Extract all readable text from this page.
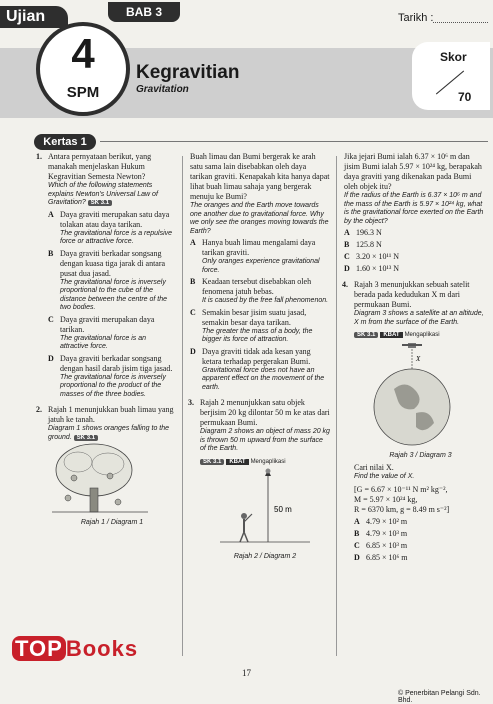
Ujian	BAB 3	Tarikh :
4
SPM
Kegravitian
Gravitation
Skor
70
Kertas 1
1. Antara pernyataan berikut, yang manakah menjelaskan Hukum Kegravitian Semesta Newton?
Which of the following statements explains Newton's Universal Law of Gravitation? SK 3.1
A Daya graviti merupakan satu daya tolakan atau daya tarikan.
The gravitational force is a repulsive force or attractive force.
B Daya graviti berkadar songsang dengan kuasa tiga jarak di antara pusat dua jasad.
The gravitational force is inversely proportional to the cube of the distance between the centre of the two bodies.
C Daya graviti merupakan daya tarikan.
The gravitational force is an attractive force.
D Daya graviti berkadar songsang dengan hasil darab jisim tiga jasad.
The gravitational force is inversely proportional to the product of the masses of the three bodies.
2. Rajah 1 menunjukkan buah limau yang jatuh ke tanah.
Diagram 1 shows oranges falling to the ground. SK 3.1
Rajah 1 / Diagram 1
Buah limau dan Bumi bergerak ke arah satu sama lain disebabkan oleh daya tarikan graviti. Kenapakah kita hanya dapat lihat buah limau sahaja yang bergerak menuju ke Bumi?
The oranges and the Earth move towards one another due to gravitational force. Why we only see the oranges moving towards the Earth?
A Hanya buah limau mengalami daya tarikan graviti.
Only oranges experience gravitational force.
B Keadaan tersebut disebabkan oleh fenomena jatuh bebas.
It is caused by the free fall phenomenon.
C Semakin besar jisim suatu jasad, semakin besar daya tarikan.
The greater the mass of a body, the bigger its force of attraction.
D Daya graviti tidak ada kesan yang ketara terhadap pergerakan Bumi.
Gravitational force does not have an apparent effect on the movement of the earth.
3. Rajah 2 menunjukkan satu objek berjisim 20 kg dilontar 50 m ke atas dari permukaan Bumi.
Diagram 2 shows an object of mass 20 kg is thrown 50 m upward from the surface of the Earth.
SK 3.1 KBAT Mengaplikasi
50 m
Rajah 2 / Diagram 2
Jika jejari Bumi ialah 6.37 × 10⁶ m dan jisim Bumi ialah 5.97 × 10²⁴ kg, berapakah daya graviti yang dikenakan pada Bumi oleh objek itu?
If the radius of the Earth is 6.37 × 10⁶ m and the mass of the Earth is 5.97 × 10²⁴ kg, what is the gravitational force exerted on the Earth by the object?
A 196.3 N
B 125.8 N
C 3.20 × 10¹¹ N
D 1.60 × 10¹³ N
4. Rajah 3 menunjukkan sebuah satelit berada pada kedudukan X m dari permukaan Bumi.
Diagram 3 shows a satellite at an altitude, X m from the surface of the Earth.
SK 3.1 KBAT Mengaplikasi
X
Rajah 3 / Diagram 3
Cari nilai X.
Find the value of X.
[G = 6.67 × 10⁻¹¹ N m² kg⁻²,
M = 5.97 × 10²⁴ kg,
R = 6370 km, g = 8.49 m s⁻²]
A 4.79 × 10² m
B 4.79 × 10³ m
C 6.85 × 10³ m
D 6.85 × 10⁶ m
TOP Books
17
© Penerbitan Pelangi Sdn. Bhd.
